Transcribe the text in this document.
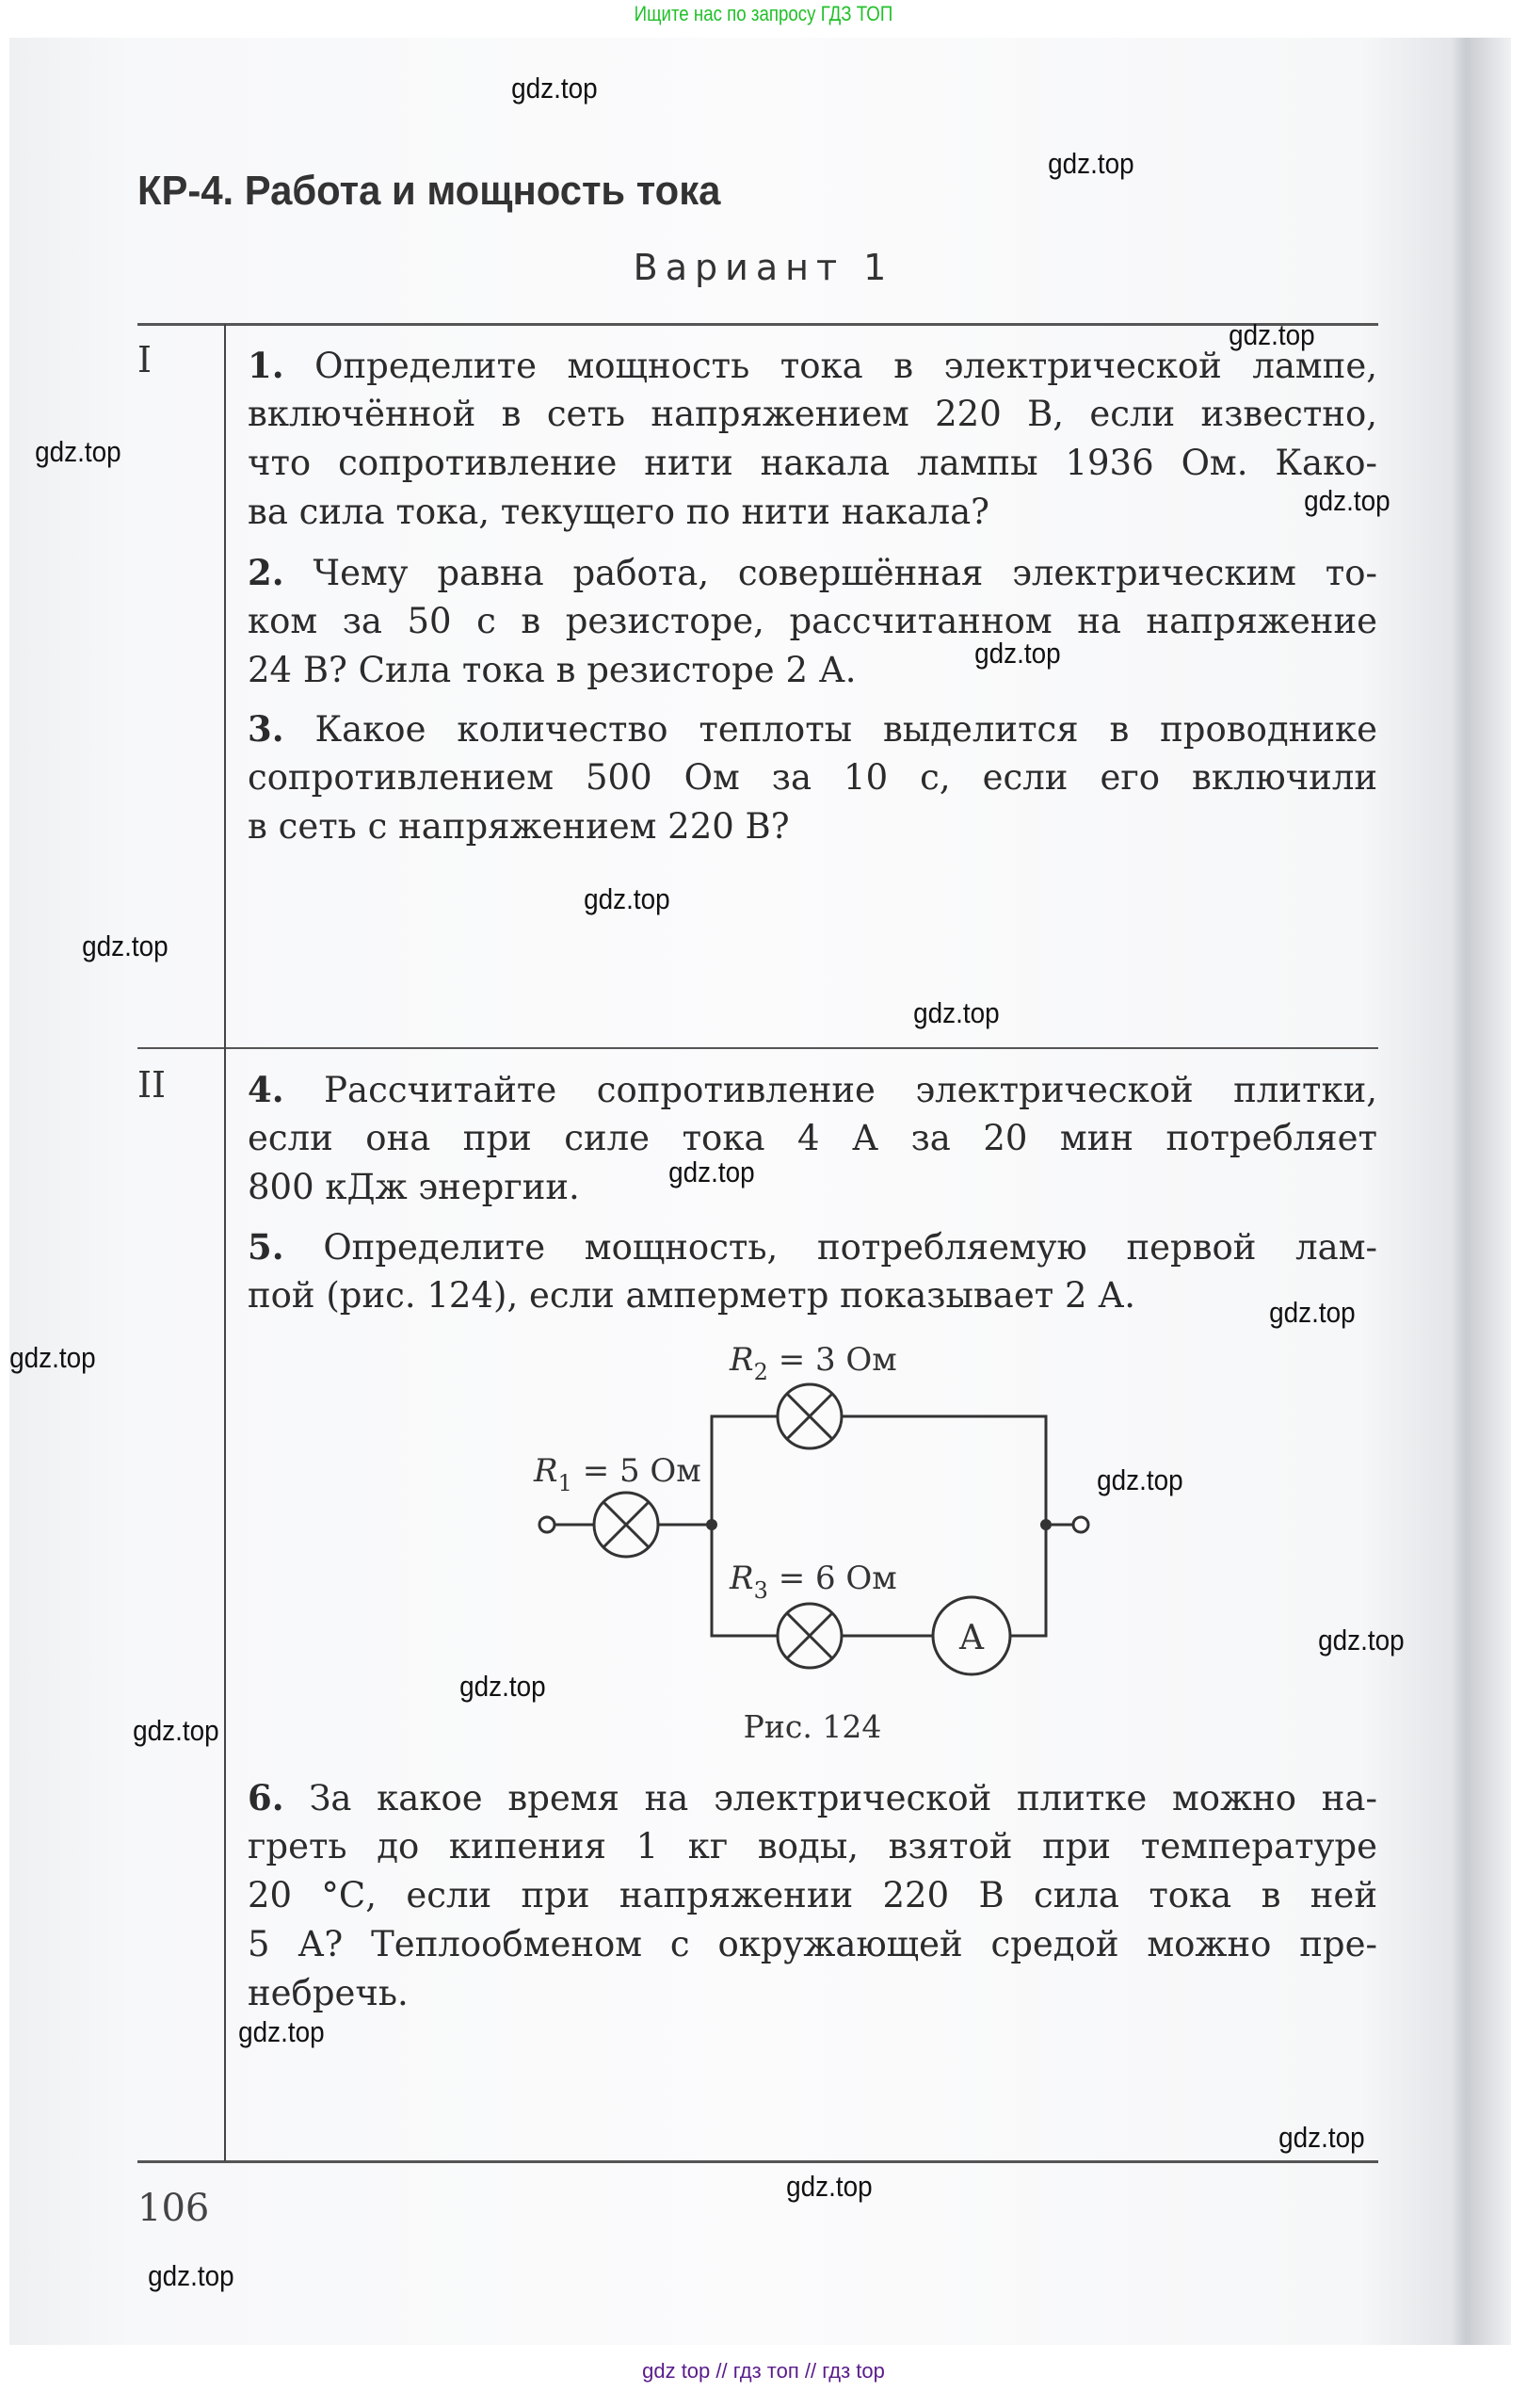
Ищите нас по запросу ГДЗ ТОП
КР-4. Работа и мощность тока
Вариант 1
I
II
1. Определите мощность тока в электрической лампе,
включённой в сеть напряжением 220 В, если известно,
что сопротивление нити накала лампы 1936 Ом. Како-
ва сила тока, текущего по нити накала?
2. Чему равна работа, совершённая электрическим то-
ком за 50 с в резисторе, рассчитанном на напряжение
24 В? Сила тока в резисторе 2 А.
3. Какое количество теплоты выделится в проводнике
сопротивлением 500 Ом за 10 с, если его включили
в сеть с напряжением 220 В?
4. Рассчитайте сопротивление электрической плитки,
если она при силе тока 4 А за 20 мин потребляет
800 кДж энергии.
5. Определите мощность, потребляемую первой лам-
пой (рис. 124), если амперметр показывает 2 А.
6. За какое время на электрической плитке можно на-
греть до кипения 1 кг воды, взятой при температуре
20 °С, если при напряжении 220 В сила тока в ней
5 А? Теплообменом с окружающей средой можно пре-
небречь.
A
$R_2 = 3$ Ом
$R_1 = 5$ Ом
$R_3 = 6$ Ом
Рис. 124
106
gdz.top
gdz.top
gdz.top
gdz.top
gdz.top
gdz.top
gdz.top
gdz.top
gdz.top
gdz.top
gdz.top
gdz.top
gdz.top
gdz.top
gdz.top
gdz.top
gdz.top
gdz.top
gdz.top
gdz.top
gdz top // гдз топ // гдз top
